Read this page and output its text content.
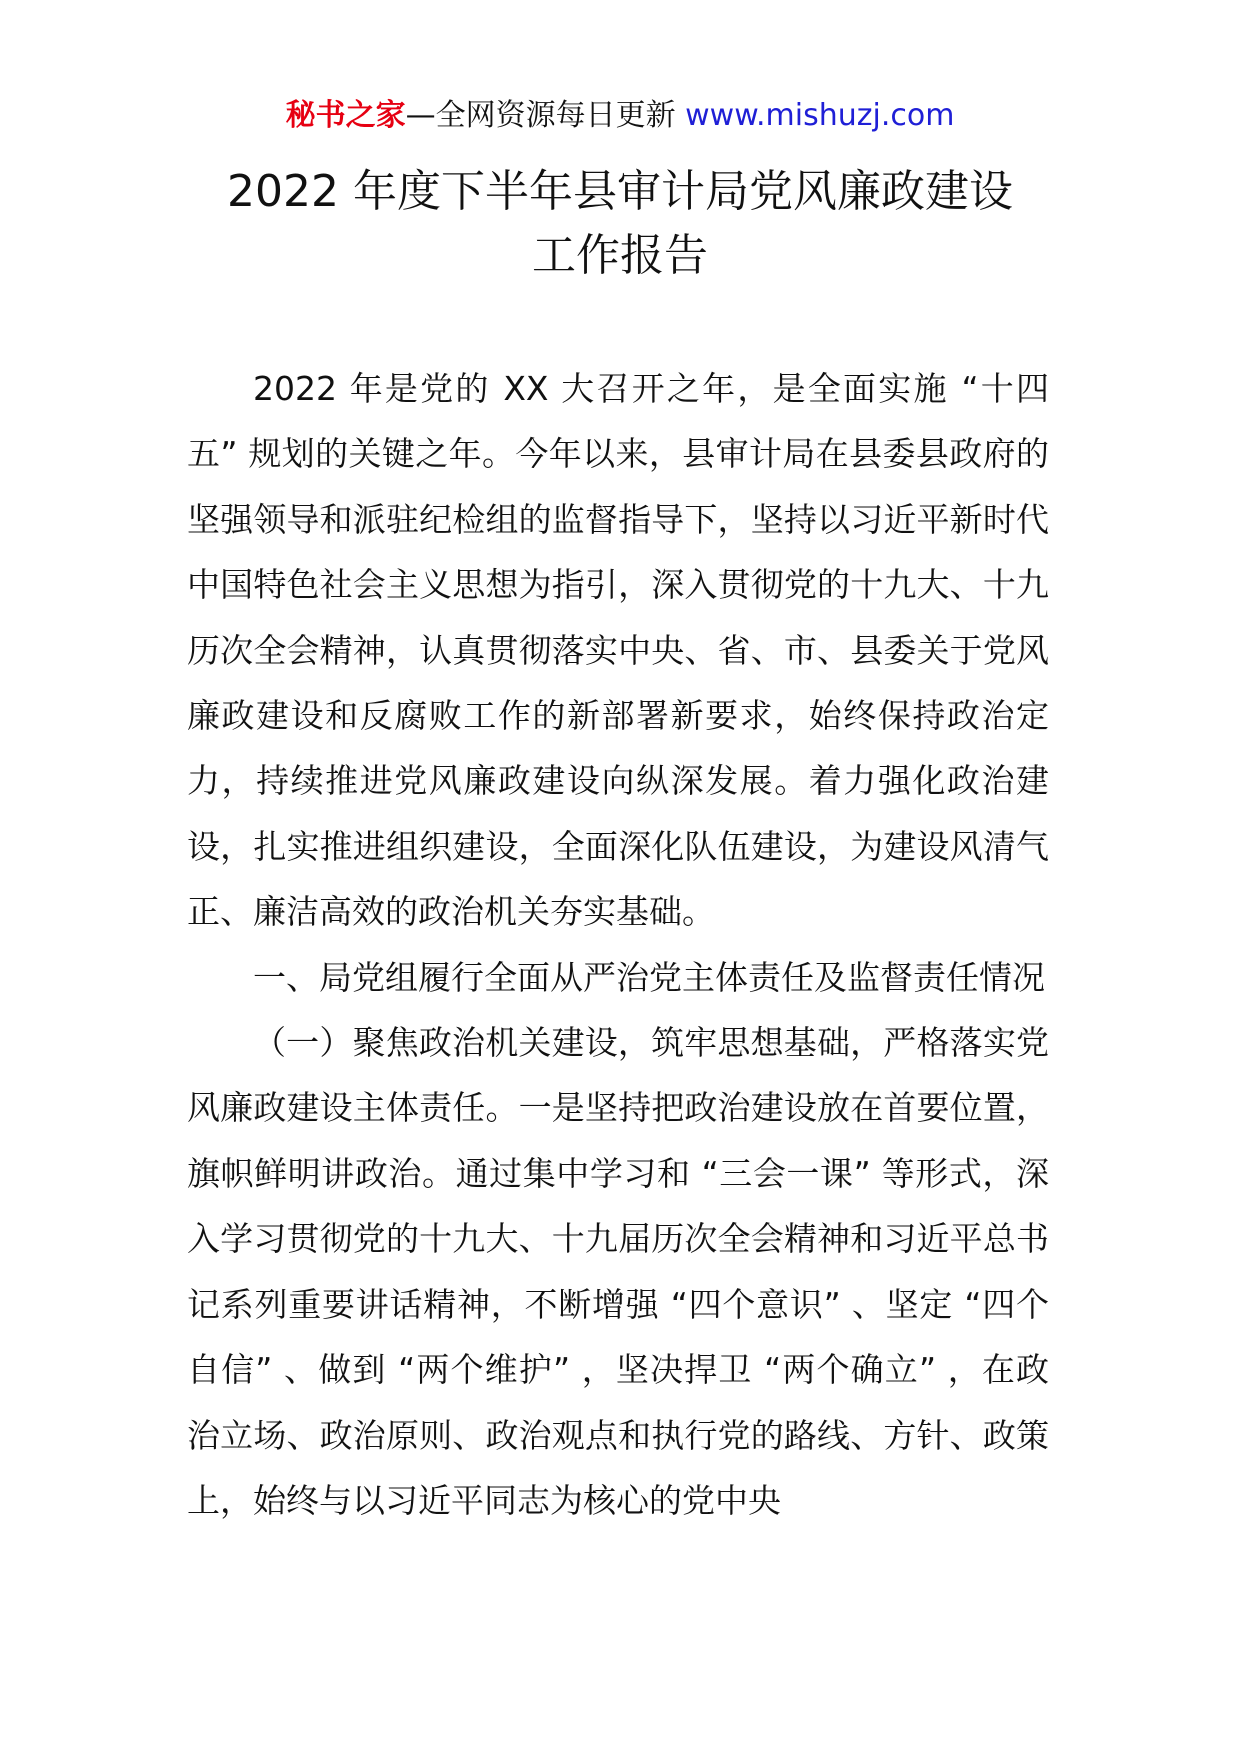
秘书之家—全网资源每日更新 www.mishuzj.com
2022 年度下半年县审计局党风廉政建设
工作报告

2022 年是党的 XX 大召开之年，是全面实施 “十四五” 规划的关键之年。今年以来，县审计局在县委县政府的坚强领导和派驻纪检组的监督指导下，坚持以习近平新时代中国特色社会主义思想为指引，深入贯彻党的十九大、十九历次全会精神，认真贯彻落实中央、省、市、县委关于党风廉政建设和反腐败工作的新部署新要求，始终保持政治定力，持续推进党风廉政建设向纵深发展。着力强化政治建设，扎实推进组织建设，全面深化队伍建设，为建设风清气正、廉洁高效的政治机关夯实基础。

一、局党组履行全面从严治党主体责任及监督责任情况

（一）聚焦政治机关建设，筑牢思想基础，严格落实党风廉政建设主体责任。一是坚持把政治建设放在首要位置，旗帜鲜明讲政治。通过集中学习和 “三会一课” 等形式，深入学习贯彻党的十九大、十九届历次全会精神和习近平总书记系列重要讲话精神，不断增强 “四个意识” 、坚定 “四个自信” 、做到 “两个维护” ，坚决捍卫 “两个确立” ，在政治立场、政治原则、政治观点和执行党的路线、方针、政策上，始终与以习近平同志为核心的党中央
